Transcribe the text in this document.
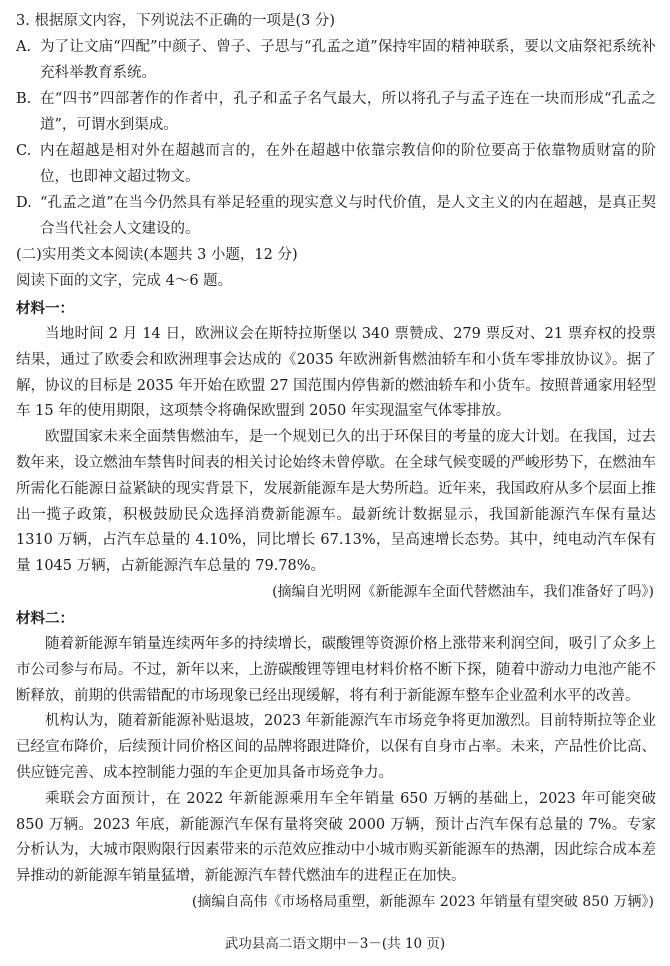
3. 根据原文内容，下列说法不正确的一项是(3 分)

A. 为了让文庙“四配”中颜子、曾子、子思与“孔孟之道”保持牢固的精神联系，要以文庙祭祀系统补充科举教育系统。
B. 在“四书”四部著作的作者中，孔子和孟子名气最大，所以将孔子与孟子连在一块而形成“孔孟之道”，可谓水到渠成。
C. 内在超越是相对外在超越而言的，在外在超越中依靠宗教信仰的阶位要高于依靠物质财富的阶位，也即神文超过物文。
D. “孔孟之道”在当今仍然具有举足轻重的现实意义与时代价值，是人文主义的内在超越，是真正契合当代社会人文建设的。

(二)实用类文本阅读(本题共 3 小题，12 分)

阅读下面的文字，完成 4～6 题。

材料一：

当地时间 2 月 14 日，欧洲议会在斯特拉斯堡以 340 票赞成、279 票反对、21 票弃权的投票结果，通过了欧委会和欧洲理事会达成的《2035 年欧洲新售燃油轿车和小货车零排放协议》。据了解，协议的目标是 2035 年开始在欧盟 27 国范围内停售新的燃油轿车和小货车。按照普通家用轻型车 15 年的使用期限，这项禁令将确保欧盟到 2050 年实现温室气体零排放。

欧盟国家未来全面禁售燃油车，是一个规划已久的出于环保目的考量的庞大计划。在我国，过去数年来，设立燃油车禁售时间表的相关讨论始终未曾停歇。在全球气候变暖的严峻形势下，在燃油车所需化石能源日益紧缺的现实背景下，发展新能源车是大势所趋。近年来，我国政府从多个层面上推出一揽子政策，积极鼓励民众选择消费新能源车。最新统计数据显示，我国新能源汽车保有量达 1310 万辆，占汽车总量的 4.10%，同比增长 67.13%，呈高速增长态势。其中，纯电动汽车保有量 1045 万辆，占新能源汽车总量的 79.78%。

(摘编自光明网《新能源车全面代替燃油车，我们准备好了吗》)

材料二：

随着新能源车销量连续两年多的持续增长，碳酸锂等资源价格上涨带来利润空间，吸引了众多上市公司参与布局。不过，新年以来，上游碳酸锂等锂电材料价格不断下探，随着中游动力电池产能不断释放，前期的供需错配的市场现象已经出现缓解，将有利于新能源车整车企业盈利水平的改善。

机构认为，随着新能源补贴退坡，2023 年新能源汽车市场竞争将更加激烈。目前特斯拉等企业已经宣布降价，后续预计同价格区间的品牌将跟进降价，以保有自身市占率。未来，产品性价比高、供应链完善、成本控制能力强的车企更加具备市场竞争力。

乘联会方面预计，在 2022 年新能源乘用车全年销量 650 万辆的基础上，2023 年可能突破 850 万辆。2023 年底，新能源汽车保有量将突破 2000 万辆，预计占汽车保有总量的 7%。专家分析认为，大城市限购限行因素带来的示范效应推动中小城市购买新能源车的热潮，因此综合成本差异推动的新能源车销量猛增，新能源汽车替代燃油车的进程正在加快。

(摘编自高伟《市场格局重塑，新能源车 2023 年销量有望突破 850 万辆》)

武功县高二语文期中－3－(共 10 页)
